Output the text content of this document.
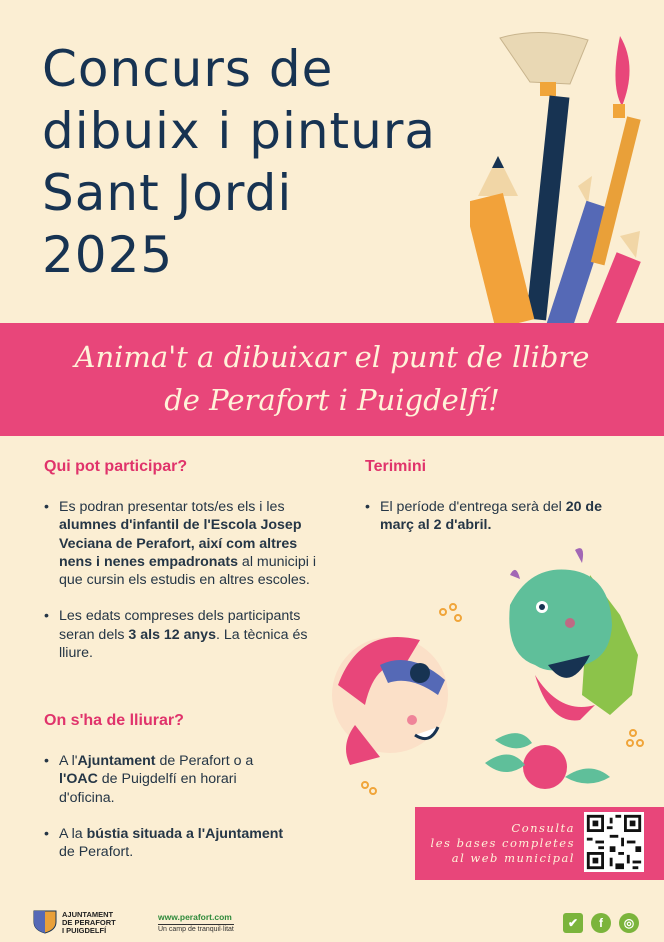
Concurs de
dibuix i pintura
Sant Jordi
2025
Anima't a dibuixar el punt de llibre
de Perafort i Puigdelfí!
Qui pot participar?
• Es podran presentar tots/es els i les alumnes d'infantil de l'Escola Josep Veciana de Perafort, així com altres nens i nenes empadronats al municipi i que cursin els estudis en altres escoles.
• Les edats compreses dels participants seran dels 3 als 12 anys. La tècnica és lliure.
On s'ha de lliurar?
• A l'Ajuntament de Perafort o a l'OAC de Puigdelfí en horari d'oficina.
• A la bústia situada a l'Ajuntament de Perafort.
Terimini
• El període d'entrega serà del 20 de març al 2 d'abril.
Consulta
les bases completes
al web municipal
AJUNTAMENT
DE PERAFORT
I PUIGDELFÍ
www.perafort.com
Un camp de tranquil·litat	✔	f	◎
